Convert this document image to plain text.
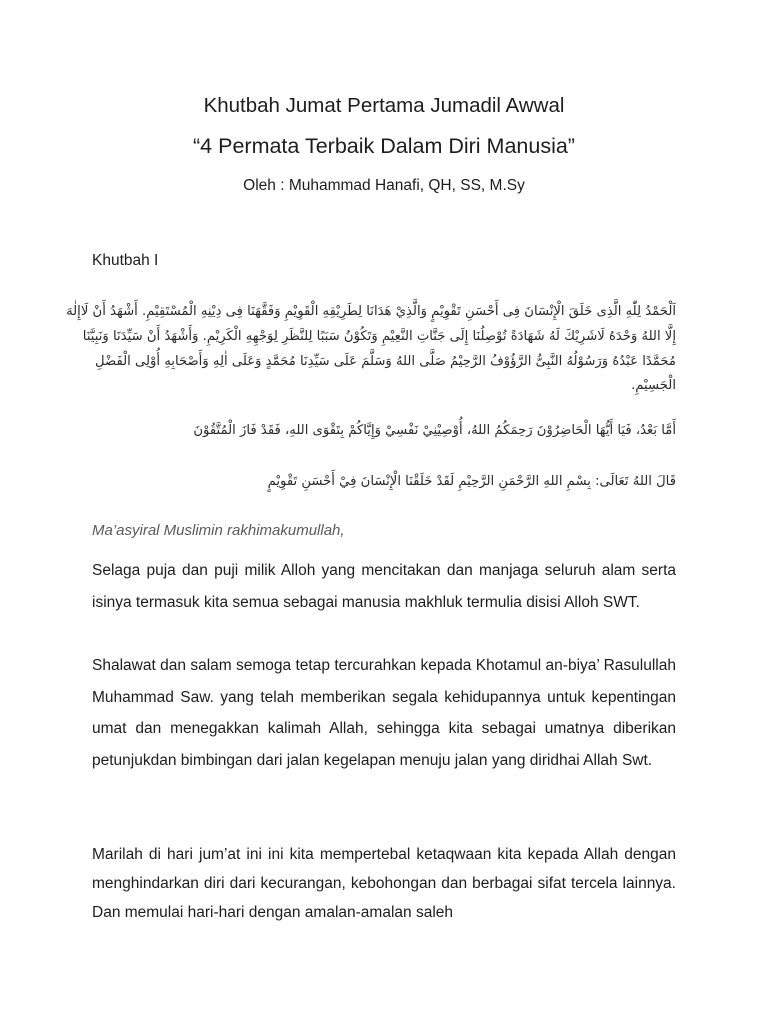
Khutbah Jumat Pertama Jumadil Awwal
“4 Permata Terbaik Dalam Diri Manusia”
Oleh : Muhammad Hanafi, QH, SS, M.Sy
Khutbah I
اَلْحَمْدُ لِلّٰهِ الَّذِى خَلَقَ الْإِنْسَانَ فِى أَحْسَنِ تَقْوِيْمٍ وَالَّذِيْ هَدَانَا لِطَرِيْقِهِ الْقَوِيْمِ وَفَقَّهَنَا فِى دِيْنِهِ الْمُسْتَقِيْمِ. أَشْهَدُ أَنْ لَاإِلٰهَ
إِلَّا اللهُ وَحْدَهُ لَاشَرِيْكَ لَهُ شَهَادَةً تُوْصِلُنَا إِلَى جَنَّاتِ النَّعِيْمِ وَتَكُوْنُ سَبَبًا لِلنَّظَرِ لِوَجْهِهِ الْكَرِيْمِ. وَأَشْهَدُ أَنْ سَيِّدَنَا وَنَبِيَّنَا
مُحَمَّدًا عَبْدُهُ وَرَسُوْلُهُ النَّبِىُّ الرَّؤُوْفُ الرَّحِيْمُ صَلَّى اللهُ وَسَلَّمَ عَلَى سَيِّدِنَا مُحَمَّدٍ وَعَلَى اٰلِهِ وَأَصْحَابِهِ أُوْلِى الْفَضْلِ
الْجَسِيْمِ.
أَمَّا بَعْدُ، فَيَا أَيُّهَا الْحَاضِرُوْنَ رَحِمَكُمُ اللهُ، أُوْصِيْنِيْ نَفْسِيْ وَإِيَّاكُمْ بِتَقْوَى اللهِ، فَقَدْ فَازَ الْمُتَّقُوْنَ
قَالَ اللهُ تَعَالَى: بِسْمِ اللهِ الرَّحْمَنِ الرَّحِيْمِ لَقَدْ خَلَقْنَا الْإِنْسَانَ فِيْ أَحْسَنِ تَقْوِيْمٍ
Ma’asyiral Muslimin rakhimakumullah,
Selaga puja dan puji milik Alloh yang mencitakan dan manjaga seluruh alam serta isinya termasuk kita semua sebagai manusia makhluk termulia disisi Alloh SWT.
Shalawat dan salam semoga tetap tercurahkan kepada Khotamul an-biya’ Rasulullah Muhammad Saw. yang telah memberikan segala kehidupannya untuk kepentingan umat dan menegakkan kalimah Allah, sehingga kita sebagai umatnya diberikan petunjukdan bimbingan dari jalan kegelapan menuju jalan yang diridhai Allah Swt.
Marilah di hari jum’at ini ini kita mempertebal ketaqwaan kita kepada Allah dengan menghindarkan diri dari kecurangan, kebohongan dan berbagai sifat tercela lainnya. Dan memulai hari-hari dengan amalan-amalan saleh
